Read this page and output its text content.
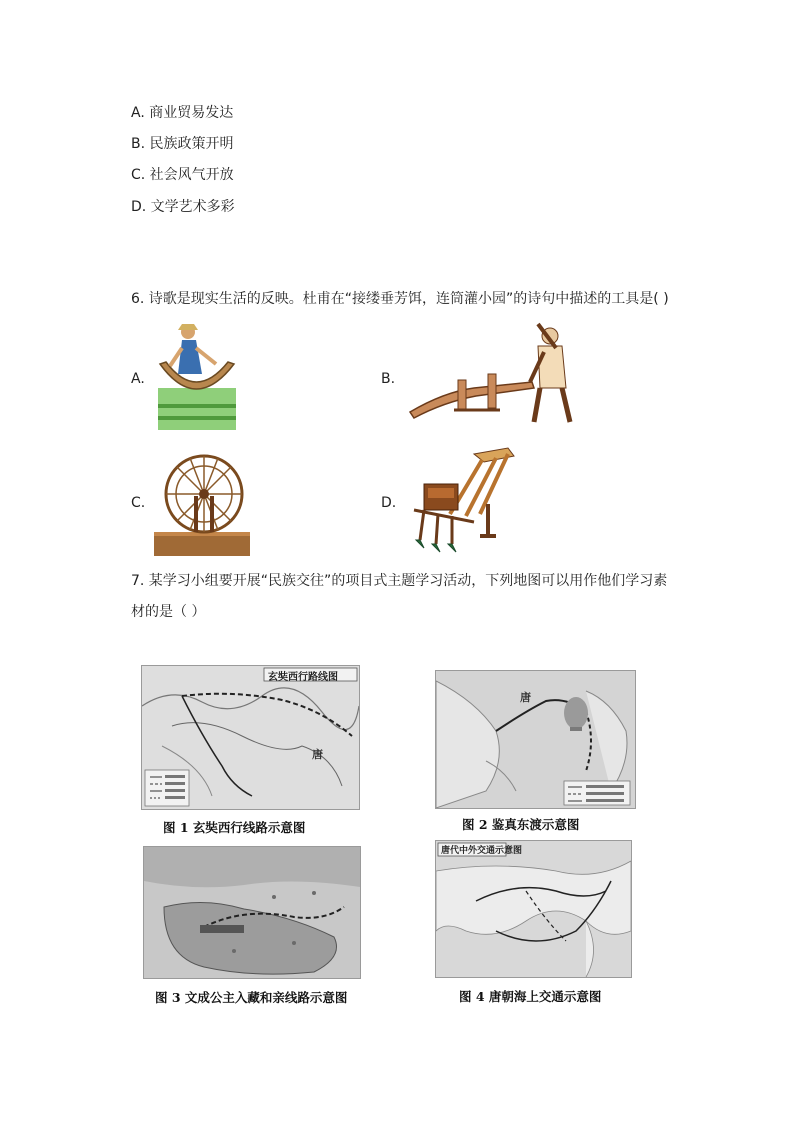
A. 商业贸易发达
B. 民族政策开明
C. 社会风气开放
D. 文学艺术多彩
6. 诗歌是现实生活的反映。杜甫在“接缕垂芳饵，连筒灌小园”的诗句中描述的工具是( )
A.	B.
C.	D.
7. 某学习小组要开展“民族交往”的项目式主题学习活动，下列地图可以用作他们学习素
材的是（ ）
玄奘西行路线图
唐
图 1 玄奘西行线路示意图
唐
图 2 鉴真东渡示意图
图 3 文成公主入藏和亲线路示意图
唐代中外交通示意图
图 4 唐朝海上交通示意图
